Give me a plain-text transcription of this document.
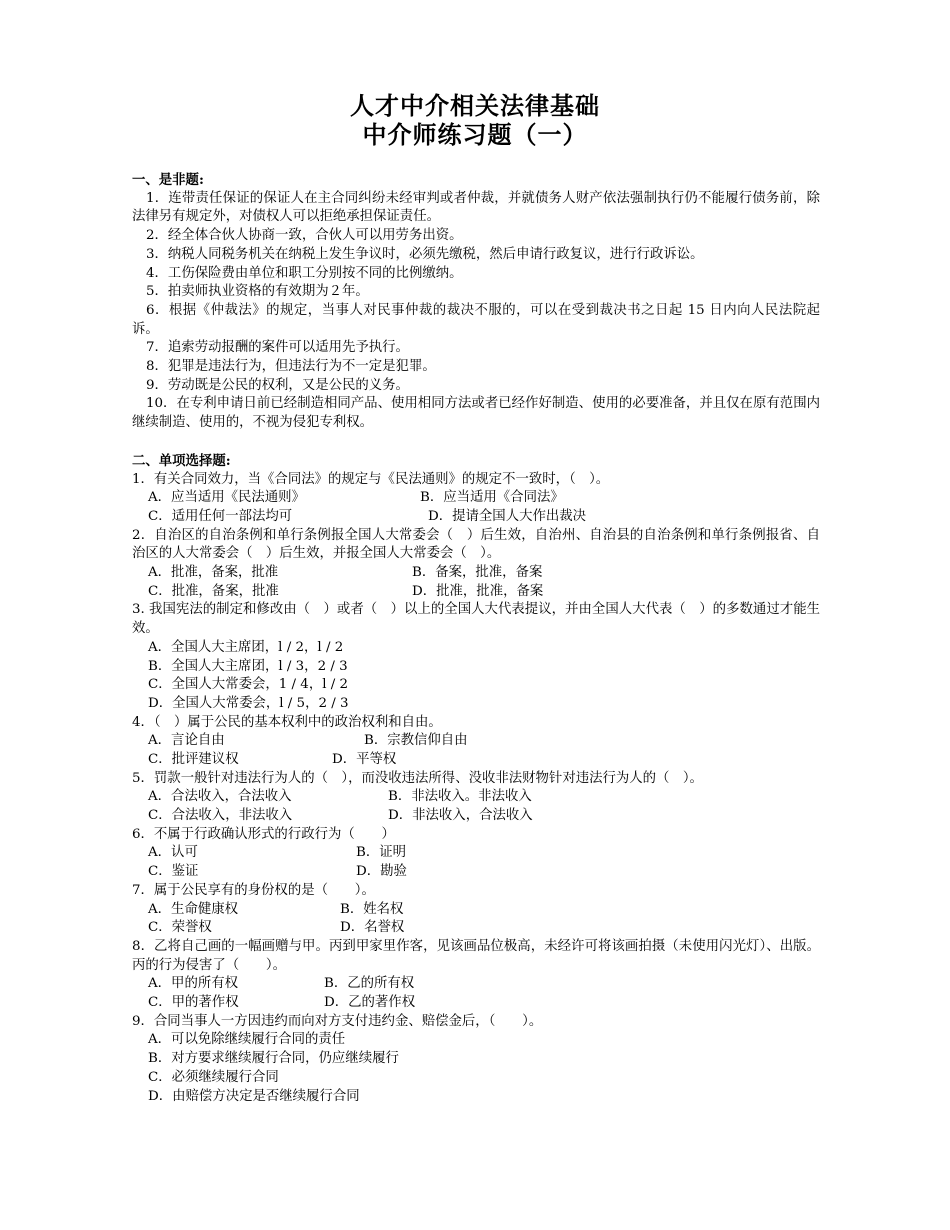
人才中介相关法律基础
中介师练习题（一）
一、是非题:
1．连带责任保证的保证人在主合同纠纷未经审判或者仲裁，并就债务人财产依法强制执行仍不能履行债务前，除法律另有规定外，对债权人可以拒绝承担保证责任。
2．经全体合伙人协商一致，合伙人可以用劳务出资。
3．纳税人同税务机关在纳税上发生争议时，必须先缴税，然后申请行政复议，进行行政诉讼。
4．工伤保险费由单位和职工分别按不同的比例缴纳。
5．拍卖师执业资格的有效期为２年。
6．根据《仲裁法》的规定，当事人对民事仲裁的裁决不服的，可以在受到裁决书之日起 15 日内向人民法院起诉。
7．追索劳动报酬的案件可以适用先予执行。
8．犯罪是违法行为，但违法行为不一定是犯罪。
9．劳动既是公民的权利，又是公民的义务。
10．在专利申请日前已经制造相同产品、使用相同方法或者已经作好制造、使用的必要准备，并且仅在原有范围内继续制造、使用的，不视为侵犯专利权。
二、单项选择题:
1．有关合同效力，当《合同法》的规定与《民法通则》的规定不一致时，（　）。
A．应当适用《民法通则》	B．应当适用《合同法》
C．适用任何一部法均可	D．提请全国人大作出裁决
2．自治区的自治条例和单行条例报全国人大常委会（　）后生效，自治州、自治县的自治条例和单行条例报省、自治区的人大常委会（　）后生效，并报全国人大常委会（　）。
A．批准，备案，批准	B．备案，批准，备案
C．批准，备案，批准	D．批准，批准，备案
3. 我国宪法的制定和修改由（　）或者（　）以上的全国人大代表提议，并由全国人大代表（　）的多数通过才能生效。
A．全国人大主席团，l / 2，l / 2
B．全国人大主席团，l / 3，2 / 3
C．全国人大常委会，1 / 4，l / 2
D．全国人大常委会，l / 5，2 / 3
4．（　）属于公民的基本权利中的政治权利和自由。
A．言论自由	B．宗教信仰自由
C．批评建议权	D．平等权
5．罚款一般针对违法行为人的（　），而没收违法所得、没收非法财物针对违法行为人的（　）。
A．合法收入，合法收入	B．非法收入。非法收入
C．合法收入，非法收入	D．非法收入，合法收入
6．不属于行政确认形式的行政行为（　　）
A．认可	B．证明
C．鉴证	D．勘验
7．属于公民享有的身份权的是（　　）。
A．生命健康权	B．姓名权
C．荣誉权	D．名誉权
8．乙将自己画的一幅画赠与甲。丙到甲家里作客，见该画品位极高，未经许可将该画拍摄（未使用闪光灯）、出版。丙的行为侵害了（　　）。
A．甲的所有权	B．乙的所有权
C．甲的著作权	D．乙的著作权
9．合同当事人一方因违约而向对方支付违约金、赔偿金后，（　　）。
A．可以免除继续履行合同的责任
B．对方要求继续履行合同，仍应继续履行
C．必须继续履行合同
D．由赔偿方决定是否继续履行合同
